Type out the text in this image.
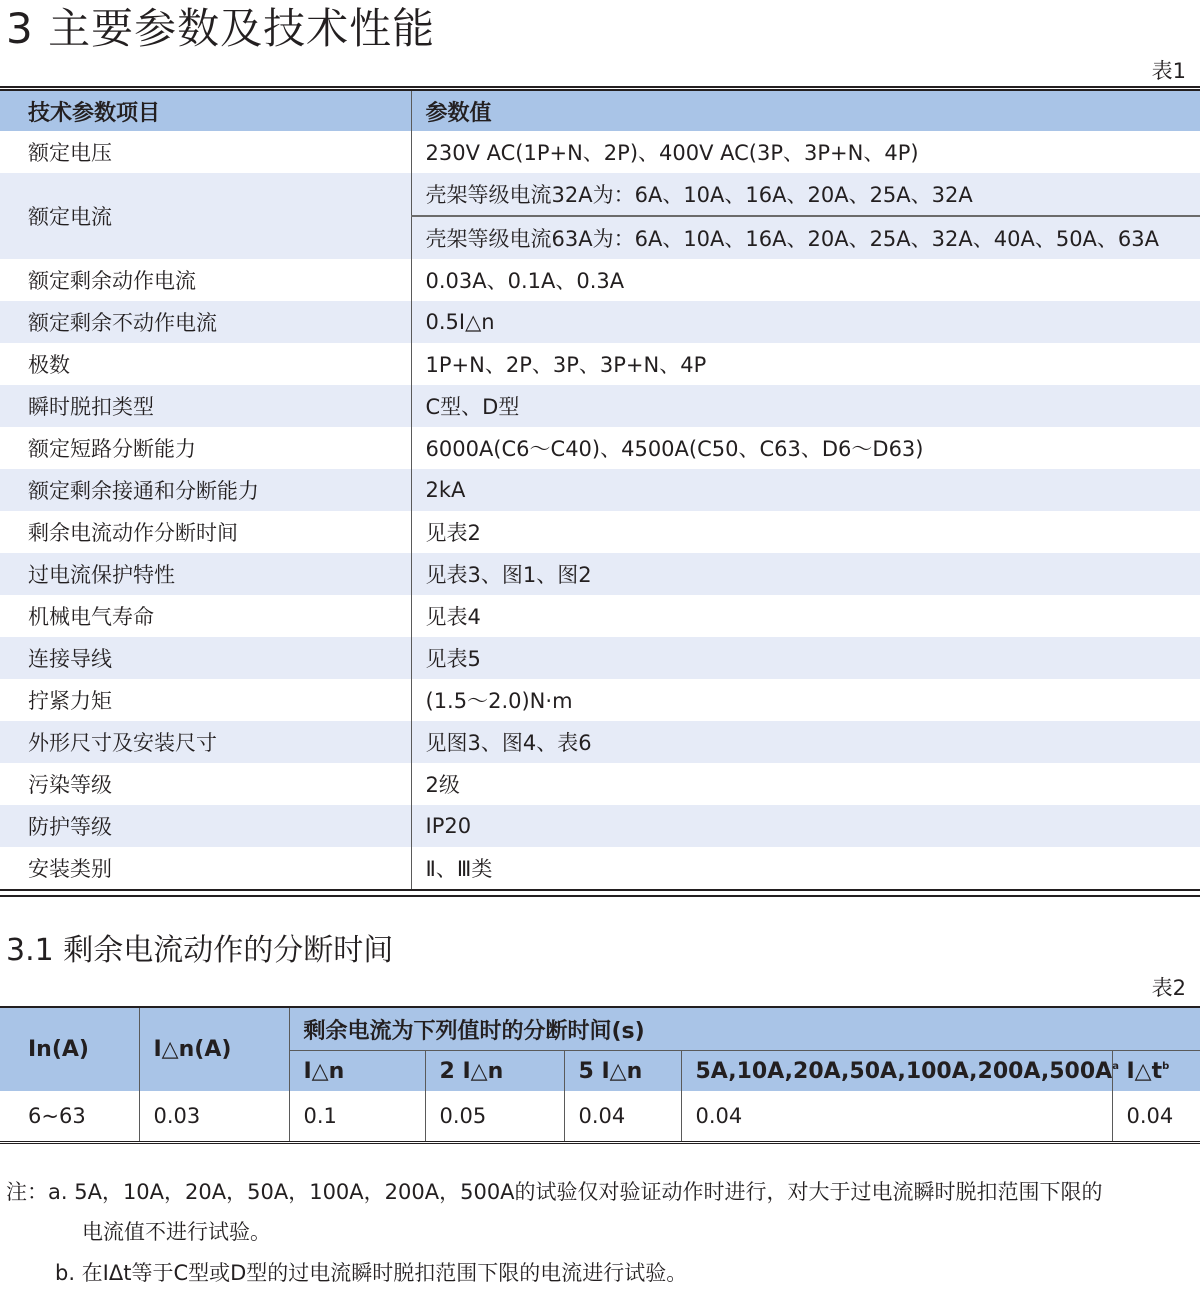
3 主要参数及技术性能
表1
技术参数项目	参数值
额定电压	230V AC(1P+N、2P)、400V AC(3P、3P+N、4P)
额定电流	壳架等级电流32A为：6A、10A、16A、20A、25A、32A
	壳架等级电流63A为：6A、10A、16A、20A、25A、32A、40A、50A、63A
额定剩余动作电流	0.03A、0.1A、0.3A
额定剩余不动作电流	0.5I△n
极数	1P+N、2P、3P、3P+N、4P
瞬时脱扣类型	C型、D型
额定短路分断能力	6000A(C6～C40)、4500A(C50、C63、D6～D63)
额定剩余接通和分断能力	2kA
剩余电流动作分断时间	见表2
过电流保护特性	见表3、图1、图2
机械电气寿命	见表4
连接导线	见表5
拧紧力矩	(1.5～2.0)N·m
外形尺寸及安装尺寸	见图3、图4、表6
污染等级	2级
防护等级	IP20
安装类别	Ⅱ、Ⅲ类
3.1 剩余电流动作的分断时间
表2
In(A)	I△n(A)	剩余电流为下列值时的分断时间(s)				
		I△n	2 I△n	5 I△n	$5A,10A,20A,50A,100A,200A,500A^a$	$I\triangle t^b$
6~63	0.03	0.1	0.05	0.04	0.04	0.04
注：a. 5A，10A，20A，50A，100A，200A，500A的试验仅对验证动作时进行，对大于过电流瞬时脱扣范围下限的
电流值不进行试验。
b. 在IΔt等于C型或D型的过电流瞬时脱扣范围下限的电流进行试验。
